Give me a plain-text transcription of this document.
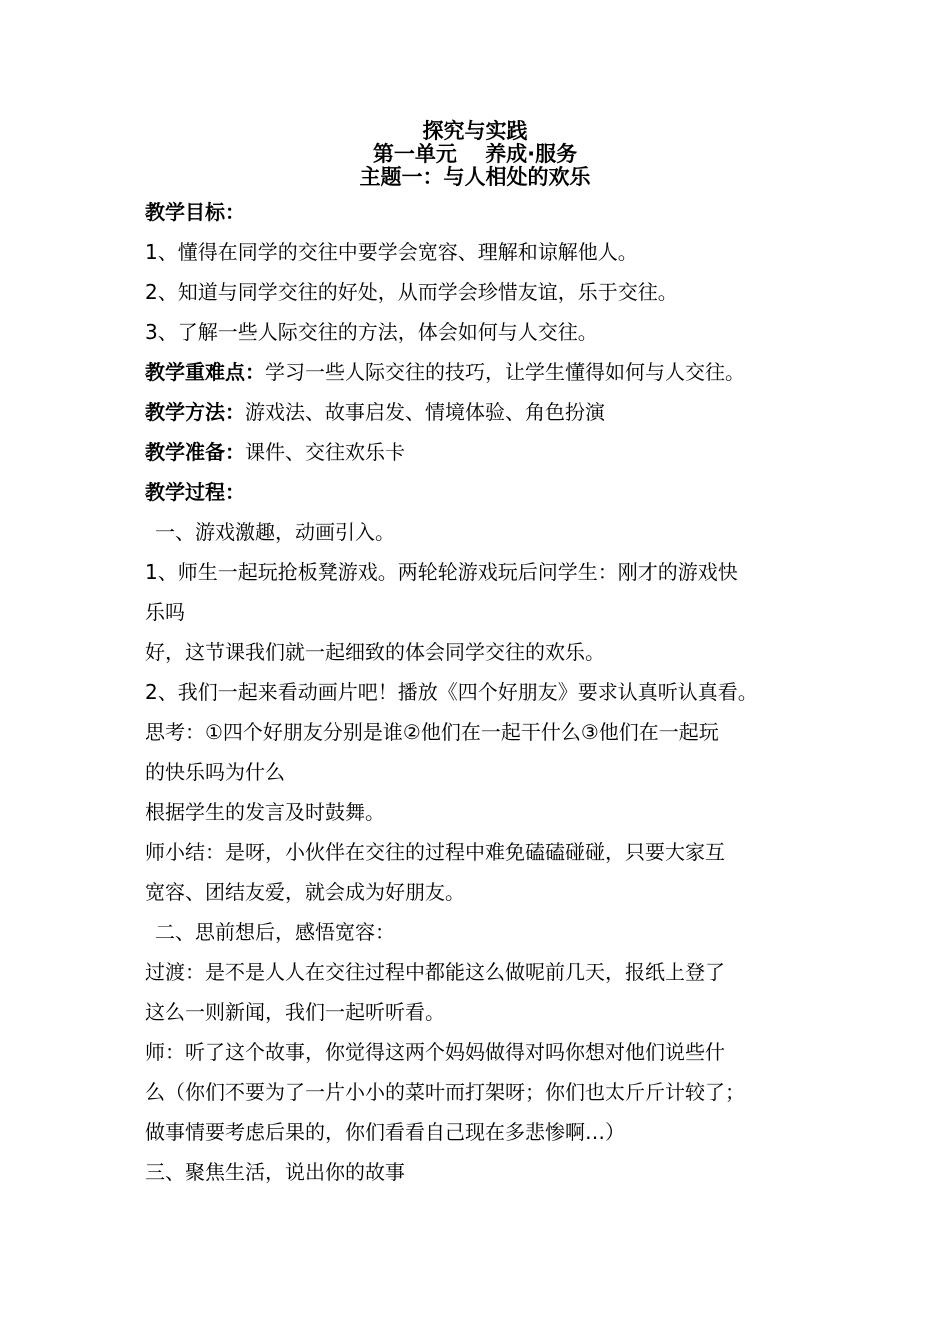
探究与实践
第一单元　 养成·服务
主题一：与人相处的欢乐
教学目标：
1、懂得在同学的交往中要学会宽容、理解和谅解他人。
2、知道与同学交往的好处，从而学会珍惜友谊，乐于交往。
3、了解一些人际交往的方法，体会如何与人交往。
教学重难点：学习一些人际交往的技巧，让学生懂得如何与人交往。
教学方法：游戏法、故事启发、情境体验、角色扮演
教学准备：课件、交往欢乐卡
教学过程：
一、游戏激趣，动画引入。
1、师生一起玩抢板凳游戏。两轮轮游戏玩后问学生：刚才的游戏快
乐吗
好，这节课我们就一起细致的体会同学交往的欢乐。
2、我们一起来看动画片吧！播放《四个好朋友》要求认真听认真看。
思考：①四个好朋友分别是谁②他们在一起干什么③他们在一起玩
的快乐吗为什么
根据学生的发言及时鼓舞。
师小结：是呀，小伙伴在交往的过程中难免磕磕碰碰，只要大家互
宽容、团结友爱，就会成为好朋友。
二、思前想后，感悟宽容：
过渡：是不是人人在交往过程中都能这么做呢前几天，报纸上登了
这么一则新闻，我们一起听听看。
师：听了这个故事，你觉得这两个妈妈做得对吗你想对他们说些什
么（你们不要为了一片小小的菜叶而打架呀；你们也太斤斤计较了；
做事情要考虑后果的，你们看看自己现在多悲惨啊…）
三、聚焦生活，说出你的故事
